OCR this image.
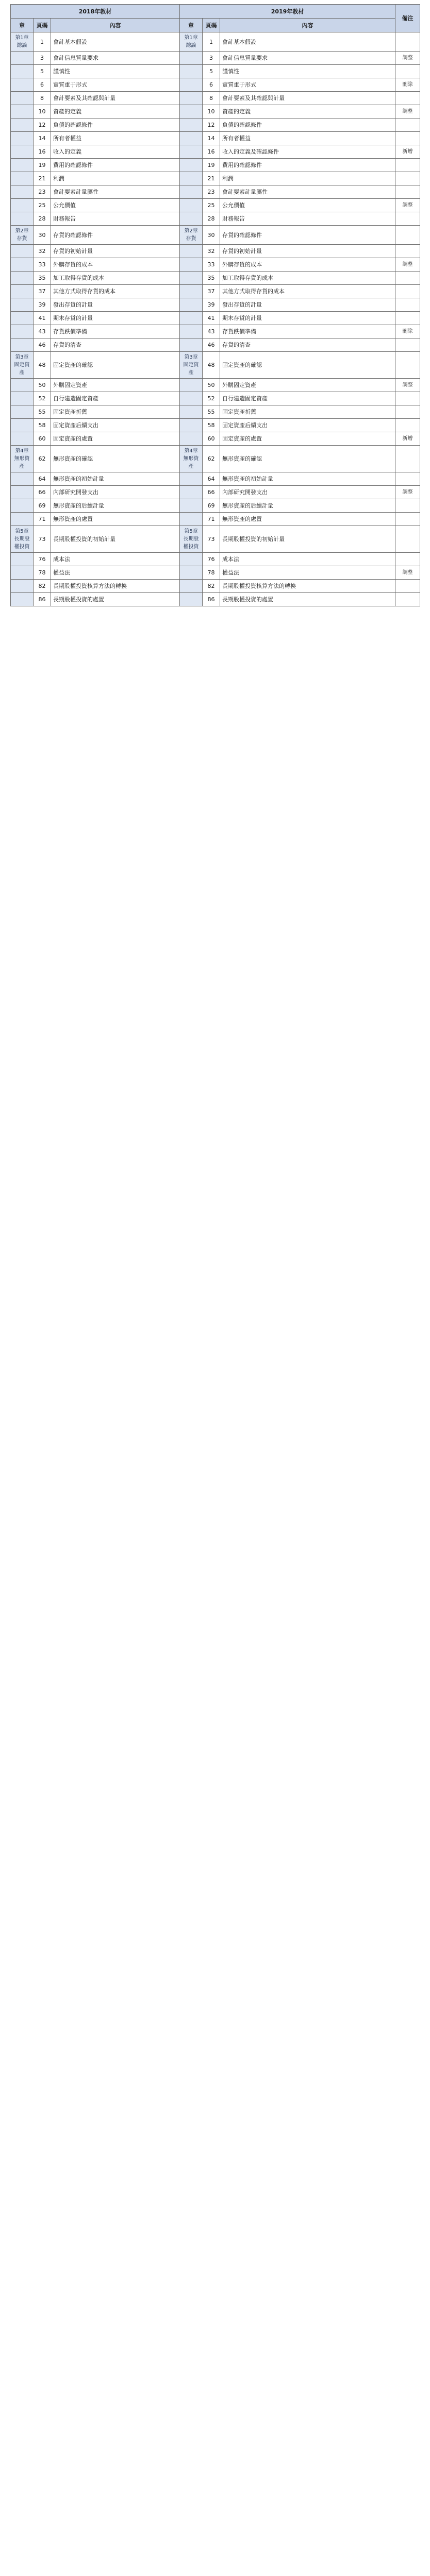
2018年教材			2019年教材			備注
章	頁碼	內容	章	頁碼	內容	
第1章 總論	1	會計基本假設	第1章 總論	1	會計基本假設	
	3	會計信息質量要求		3	會計信息質量要求	調整
	5	謹慎性		5	謹慎性	
	6	實質重于形式		6	實質重于形式	刪除
	8	會計要素及其確認與計量		8	會計要素及其確認與計量	
	10	資產的定義		10	資產的定義	調整
	12	負債的確認條件		12	負債的確認條件	
	14	所有者權益		14	所有者權益	
	16	收入的定義		16	收入的定義及確認條件	新增
	19	費用的確認條件		19	費用的確認條件	
	21	利潤		21	利潤	
	23	會計要素計量屬性		23	會計要素計量屬性	
	25	公允價值		25	公允價值	調整
	28	財務報告		28	財務報告	
第2章 存貨	30	存貨的確認條件	第2章 存貨	30	存貨的確認條件	
	32	存貨的初始計量		32	存貨的初始計量	
	33	外購存貨的成本		33	外購存貨的成本	調整
	35	加工取得存貨的成本		35	加工取得存貨的成本	
	37	其他方式取得存貨的成本		37	其他方式取得存貨的成本	
	39	發出存貨的計量		39	發出存貨的計量	
	41	期末存貨的計量		41	期末存貨的計量	
	43	存貨跌價準備		43	存貨跌價準備	刪除
	46	存貨的清查		46	存貨的清查	
第3章 固定資產	48	固定資產的確認	第3章 固定資產	48	固定資產的確認	
	50	外購固定資產		50	外購固定資產	調整
	52	自行建造固定資產		52	自行建造固定資產	
	55	固定資產折舊		55	固定資產折舊	
	58	固定資產后續支出		58	固定資產后續支出	
	60	固定資產的處置		60	固定資產的處置	新增
第4章 無形資產	62	無形資產的確認	第4章 無形資產	62	無形資產的確認	
	64	無形資產的初始計量		64	無形資產的初始計量	
	66	內部研究開發支出		66	內部研究開發支出	調整
	69	無形資產的后續計量		69	無形資產的后續計量	
	71	無形資產的處置		71	無形資產的處置	
第5章 長期股權投資	73	長期股權投資的初始計量	第5章 長期股權投資	73	長期股權投資的初始計量	
	76	成本法		76	成本法	
	78	權益法		78	權益法	調整
	82	長期股權投資核算方法的轉換		82	長期股權投資核算方法的轉換	
	86	長期股權投資的處置		86	長期股權投資的處置	
